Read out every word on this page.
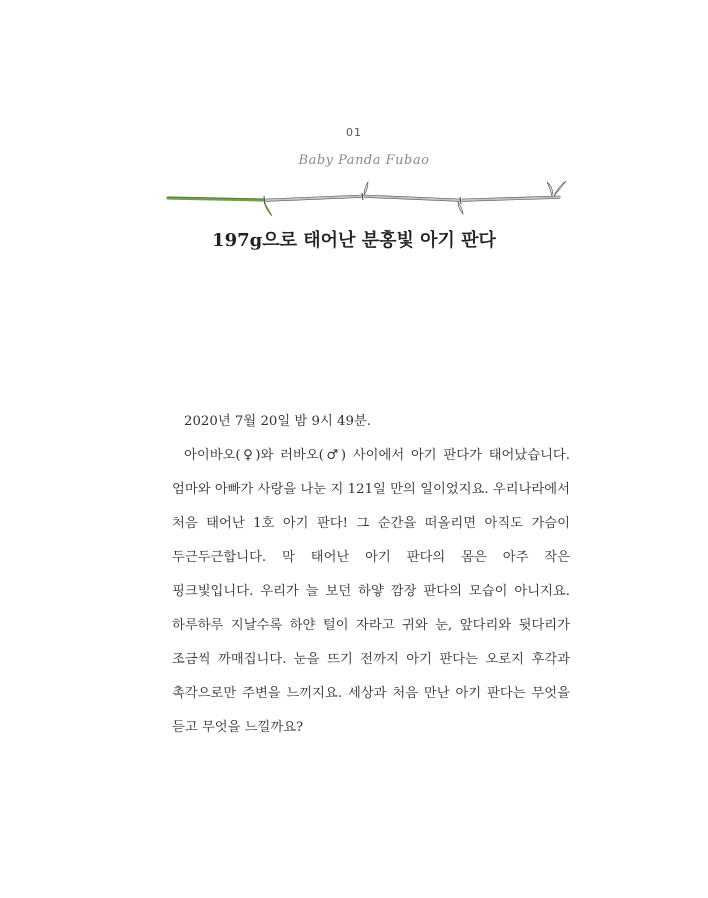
01
Baby Panda Fubao
197g으로 태어난 분홍빛 아기 판다

2020년 7월 20일 밤 9시 49분.

아이바오(♀)와 러바오(♂) 사이에서 아기 판다가 태어났습니다. 엄마와 아빠가 사랑을 나눈 지 121일 만의 일이었지요. 우리나라에서 처음 태어난 1호 아기 판다! 그 순간을 떠올리면 아직도 가슴이 두근두근합니다. 막 태어난 아기 판다의 몸은 아주 작은 핑크빛입니다. 우리가 늘 보던 하얗 깜장 판다의 모습이 아니지요. 하루하루 지날수록 하얀 털이 자라고 귀와 눈, 앞다리와 뒷다리가 조금씩 까매집니다. 눈을 뜨기 전까지 아기 판다는 오로지 후각과 촉각으로만 주변을 느끼지요. 세상과 처음 만난 아기 판다는 무엇을 듣고 무엇을 느낄까요?
